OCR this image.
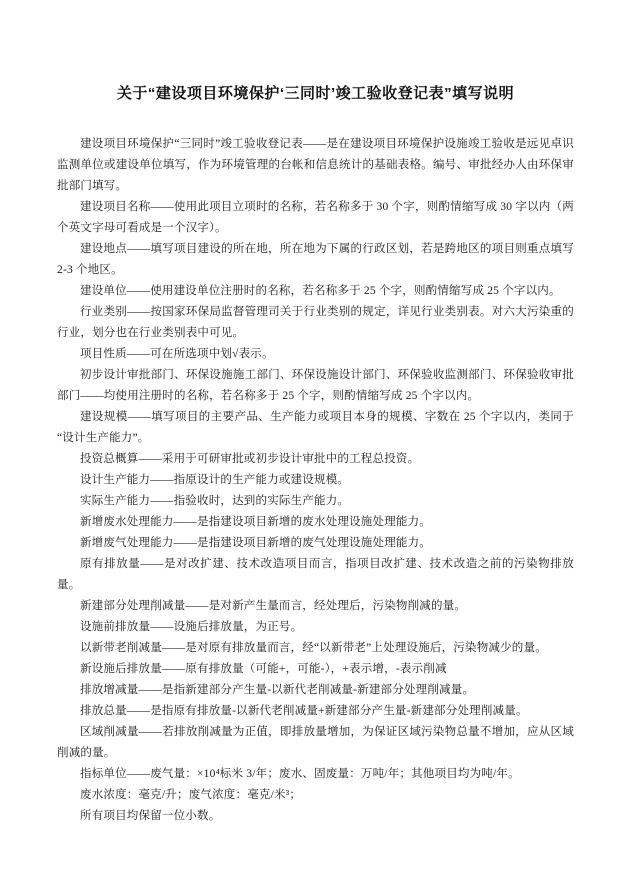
关于“建设项目环境保护‘三同时’竣工验收登记表”填写说明

建设项目环境保护“三同时”竣工验收登记表——是在建设项目环境保护设施竣工验收是远见卓识监测单位或建设单位填写，作为环境管理的台帐和信息统计的基础表格。编号、审批经办人由环保审批部门填写。

建设项目名称——使用此项目立项时的名称，若名称多于 30 个字，则酌情缩写成 30 字以内（两个英文字母可看成是一个汉字）。

建设地点——填写项目建设的所在地，所在地为下属的行政区划，若是跨地区的项目则重点填写 2-3 个地区。

建设单位——使用建设单位注册时的名称，若名称多于 25 个字，则酌情缩写成 25 个字以内。

行业类别——按国家环保局监督管理司关于行业类别的规定，详见行业类别表。对六大污染重的行业，划分也在行业类别表中可见。

项目性质——可在所选项中划√表示。

初步设计审批部门、环保设施施工部门、环保设施设计部门、环保验收监测部门、环保验收审批部门——均使用注册时的名称，若名称多于 25 个字，则酌情缩写成 25 个字以内。

建设规模——填写项目的主要产品、生产能力或项目本身的规模、字数在 25 个字以内，类同于“设计生产能力”。

投资总概算——采用于可研审批或初步设计审批中的工程总投资。

设计生产能力——指原设计的生产能力或建设规模。

实际生产能力——指验收时，达到的实际生产能力。

新增废水处理能力——是指建设项目新增的废水处理设施处理能力。

新增废气处理能力——是指建设项目新增的废气处理设施处理能力。

原有排放量——是对改扩建、技术改造项目而言，指项目改扩建、技术改造之前的污染物排放量。

新建部分处理削减量——是对新产生量而言，经处理后，污染物削减的量。

设施前排放量——设施后排放量，为正号。

以新带老削减量——是对原有排放量而言，经“以新带老”上处理设施后，污染物减少的量。

新设施后排放量——原有排放量（可能+，可能-），+表示增，-表示削减

排放增减量——是指新建部分产生量-以新代老削减量-新建部分处理削减量。

排放总量——是指原有排放量-以新代老削减量+新建部分产生量-新建部分处理削减量。

区域削减量——若排放削减量为正值，即排放量增加，为保证区域污染物总量不增加，应从区域削减的量。

指标单位——废气量：×10⁴标米 3/年；废水、固废量：万吨/年；其他项目均为吨/年。

废水浓度：毫克/升；废气浓度：毫克/米³；

所有项目均保留一位小数。
